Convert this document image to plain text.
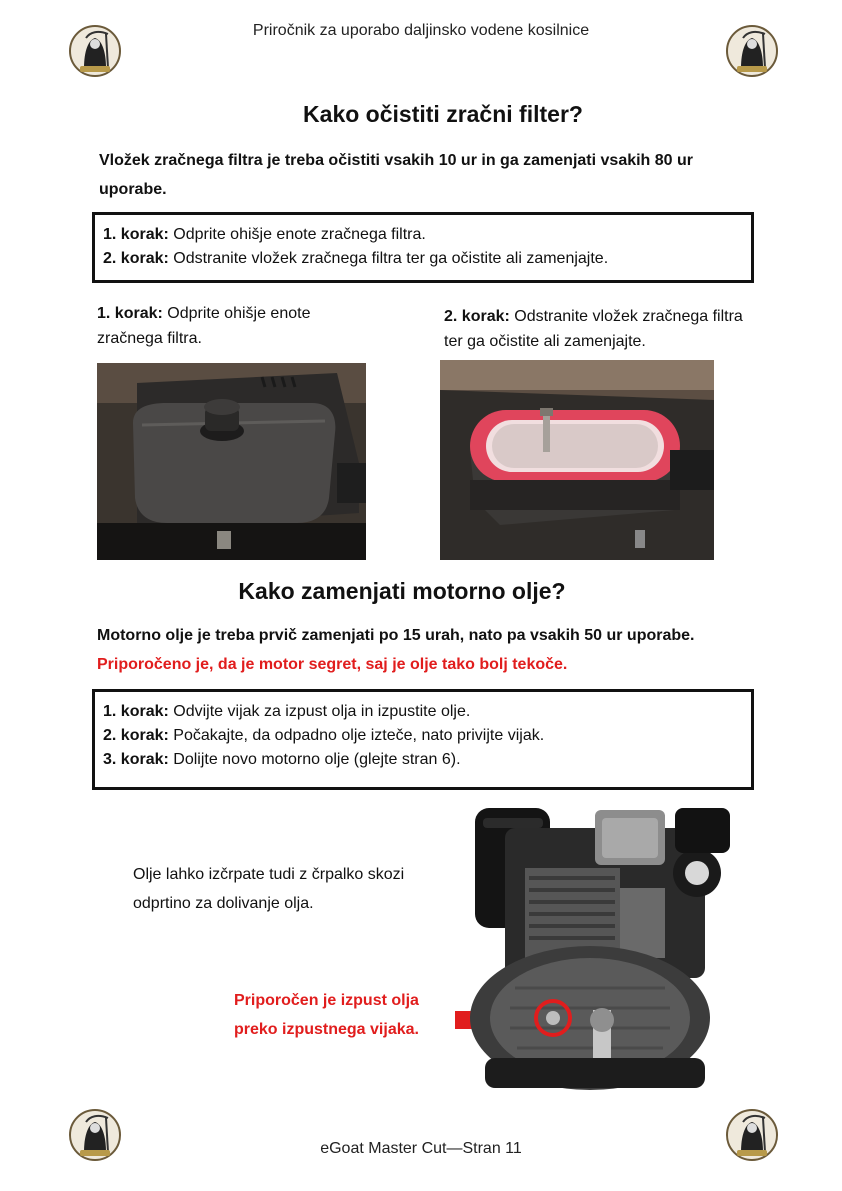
Priročnik za uporabo daljinsko vodene kosilnice
Kako očistiti zračni filter?
Vložek zračnega filtra je treba očistiti vsakih 10 ur in ga zamenjati vsakih 80 ur uporabe.
1. korak: Odprite ohišje enote zračnega filtra.
2. korak: Odstranite vložek zračnega filtra ter ga očistite ali zamenjajte.
1. korak: Odprite ohišje enote zračnega filtra.
2. korak: Odstranite vložek zračnega filtra ter ga očistite ali zamenjajte.
Kako zamenjati motorno olje?
Motorno olje je treba prvič zamenjati po 15 urah, nato pa vsakih 50 ur uporabe. Priporočeno je, da je motor segret, saj je olje tako bolj tekoče.
1. korak: Odvijte vijak za izpust olja in izpustite olje.
2. korak: Počakajte, da odpadno olje izteče, nato privijte vijak.
3. korak: Dolijte novo motorno olje (glejte stran 6).
Olje lahko izčrpate tudi z črpalko skozi odprtino za dolivanje olja.
Priporočen je izpust olja preko izpustnega vijaka.
eGoat Master Cut—Stran 11
